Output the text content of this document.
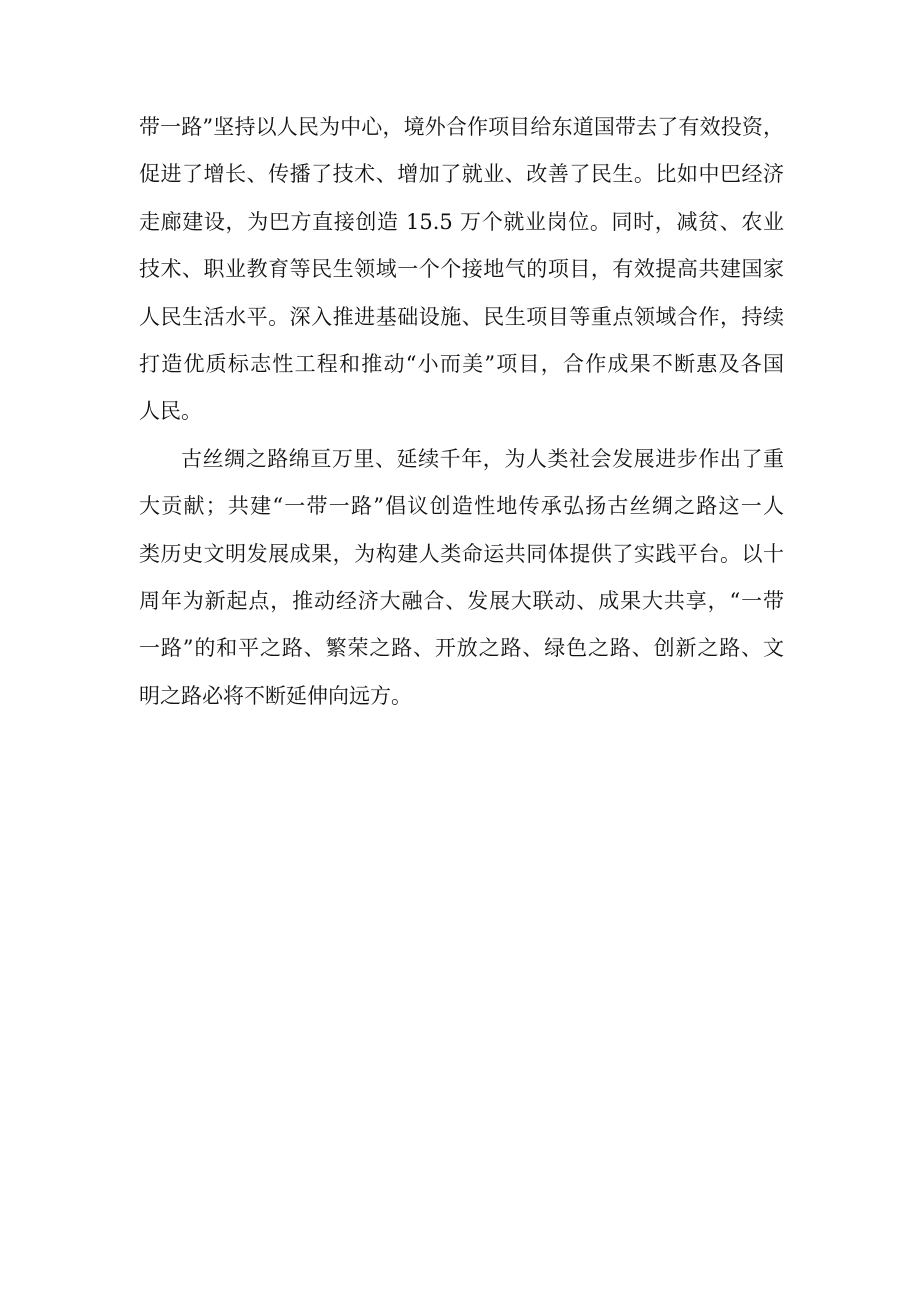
带一路”坚持以人民为中心，境外合作项目给东道国带去了有效投资，
促进了增长、传播了技术、增加了就业、改善了民生。比如中巴经济
走廊建设，为巴方直接创造 15.5 万个就业岗位。同时，减贫、农业
技术、职业教育等民生领域一个个接地气的项目，有效提高共建国家
人民生活水平。深入推进基础设施、民生项目等重点领域合作，持续
打造优质标志性工程和推动“小而美”项目，合作成果不断惠及各国
人民。

古丝绸之路绵亘万里、延续千年，为人类社会发展进步作出了重
大贡献；共建“一带一路”倡议创造性地传承弘扬古丝绸之路这一人
类历史文明发展成果，为构建人类命运共同体提供了实践平台。以十
周年为新起点，推动经济大融合、发展大联动、成果大共享，“一带
一路”的和平之路、繁荣之路、开放之路、绿色之路、创新之路、文
明之路必将不断延伸向远方。
